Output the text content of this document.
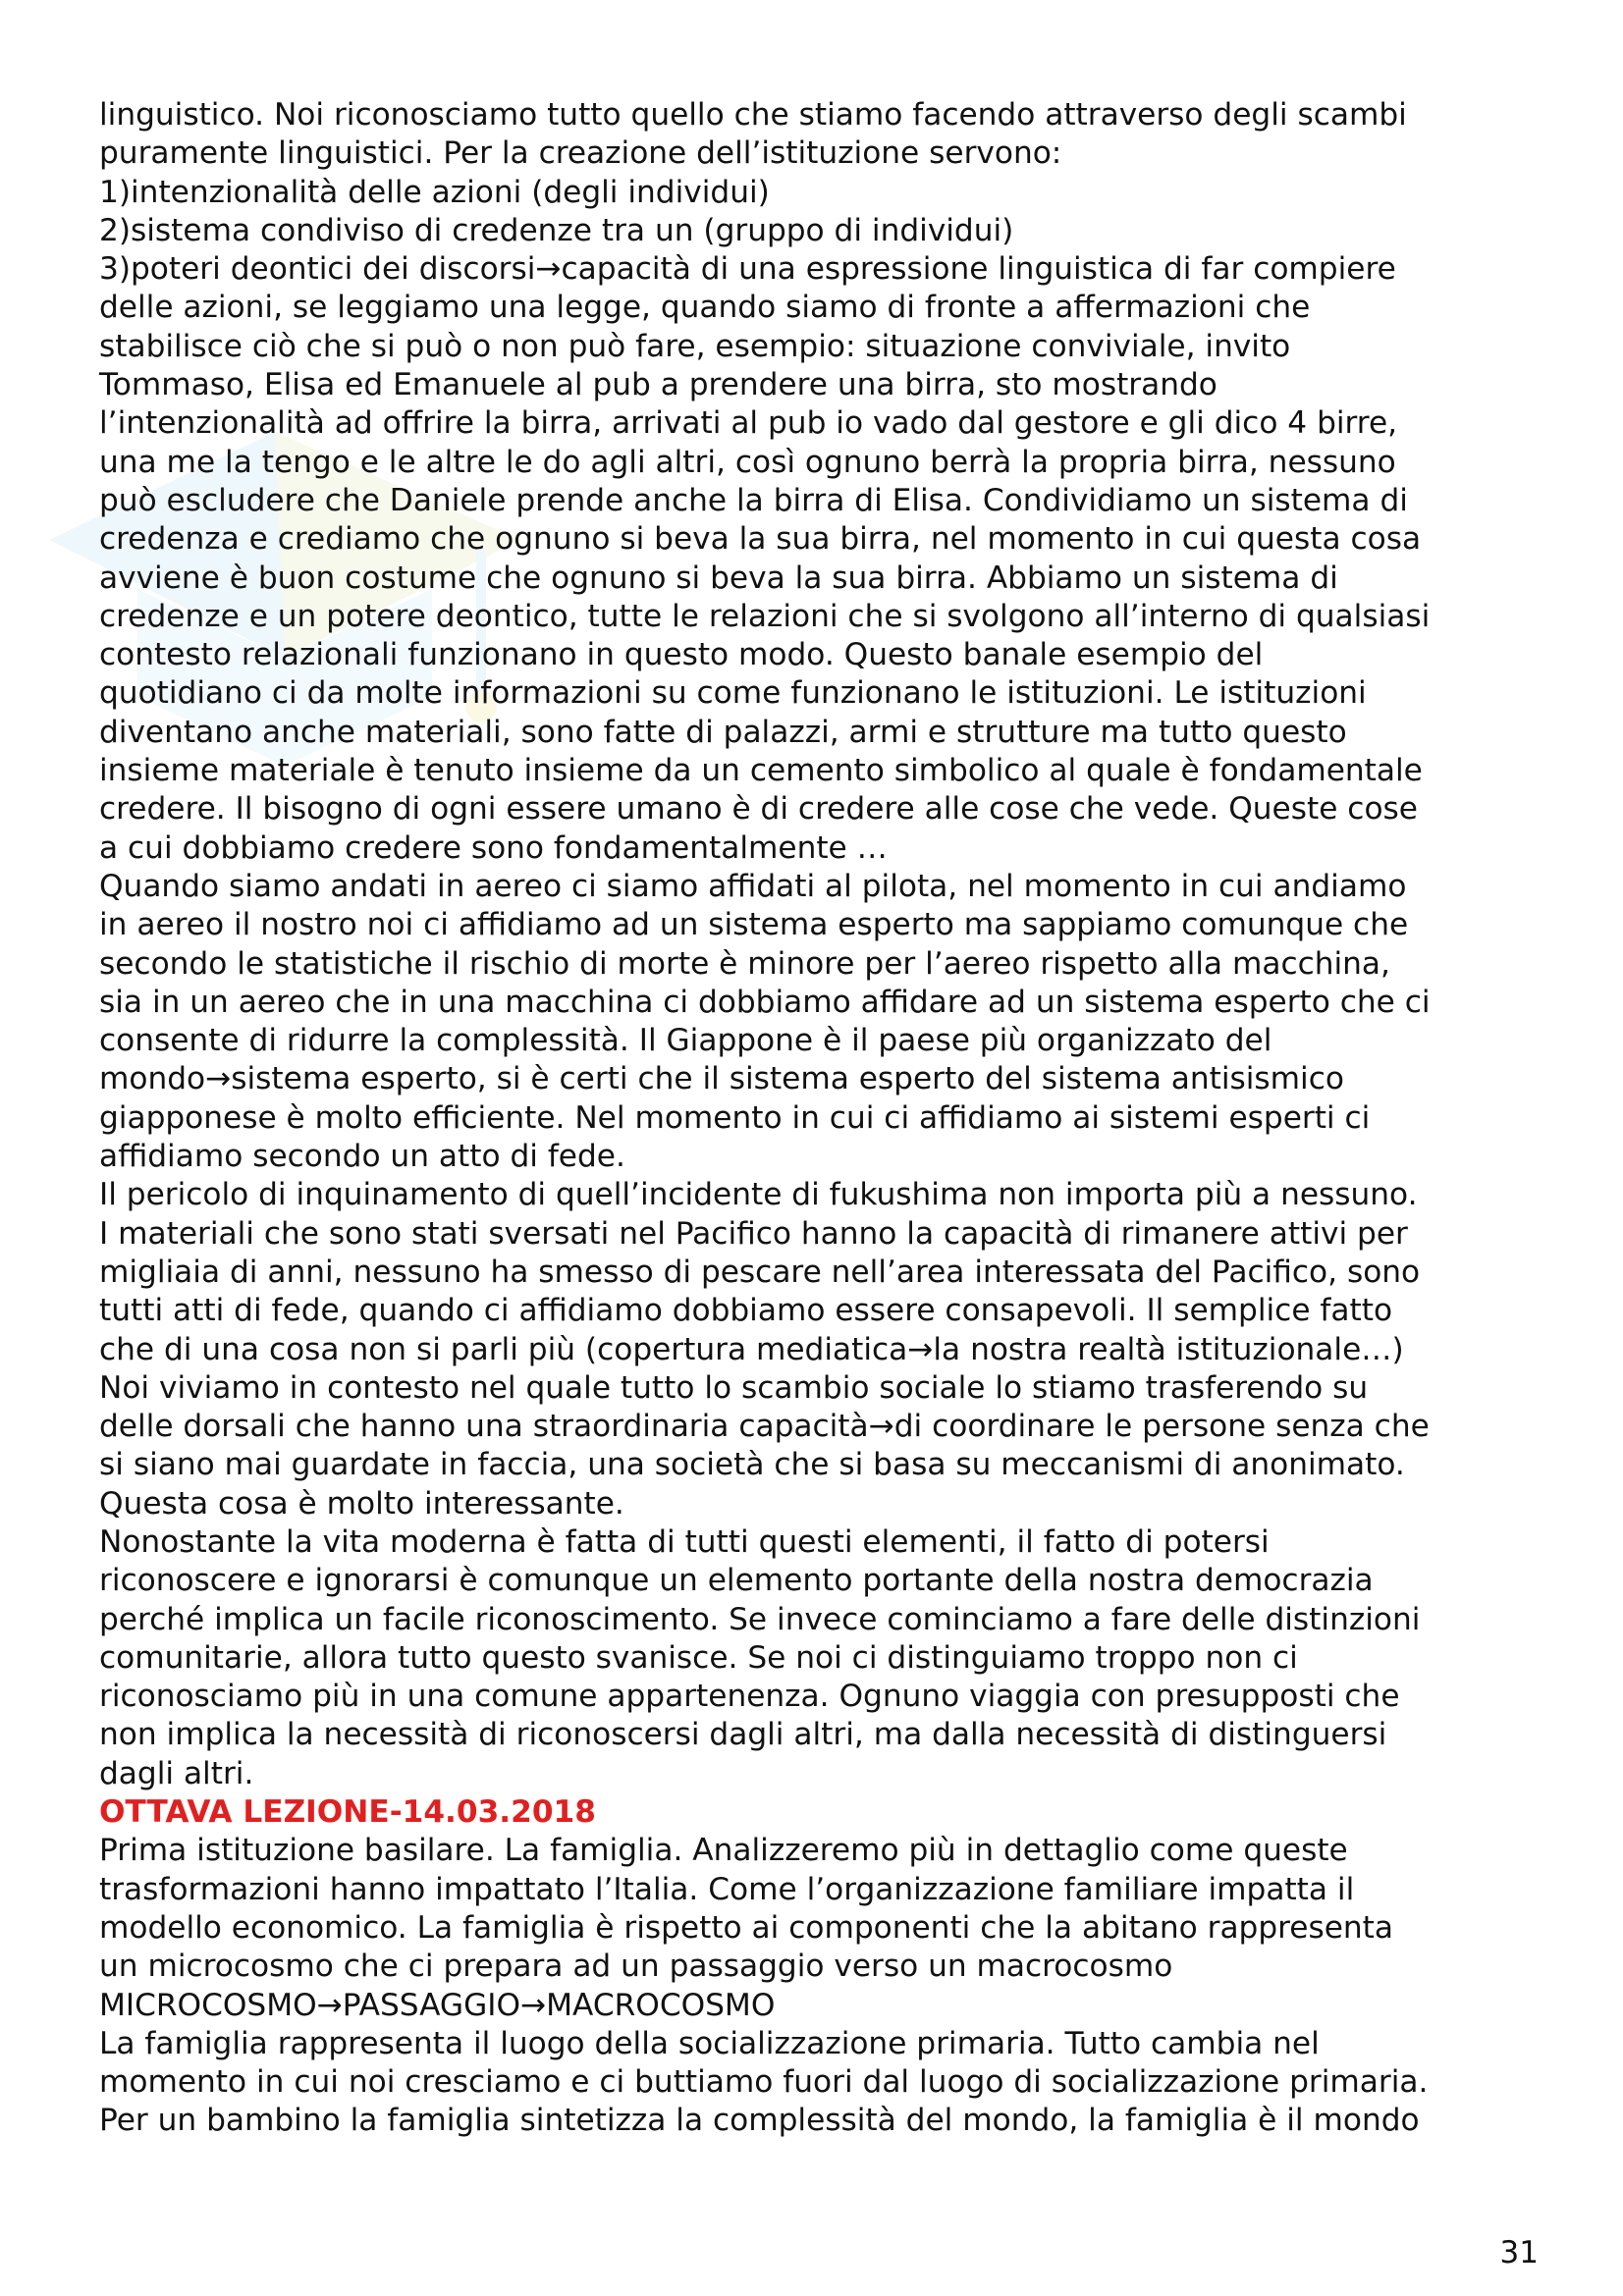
linguistico. Noi riconosciamo tutto quello che stiamo facendo attraverso degli scambi
puramente linguistici. Per la creazione dell’istituzione servono:
1)intenzionalità delle azioni (degli individui)
2)sistema condiviso di credenze tra un (gruppo di individui)
3)poteri deontici dei discorsi→capacità di una espressione linguistica di far compiere
delle azioni, se leggiamo una legge, quando siamo di fronte a affermazioni che
stabilisce ciò che si può o non può fare, esempio: situazione conviviale, invito
Tommaso, Elisa ed Emanuele al pub a prendere una birra, sto mostrando
l’intenzionalità ad offrire la birra, arrivati al pub io vado dal gestore e gli dico 4 birre,
una me la tengo e le altre le do agli altri, così ognuno berrà la propria birra, nessuno
può escludere che Daniele prende anche la birra di Elisa. Condividiamo un sistema di
credenza e crediamo che ognuno si beva la sua birra, nel momento in cui questa cosa
avviene è buon costume che ognuno si beva la sua birra. Abbiamo un sistema di
credenze e un potere deontico, tutte le relazioni che si svolgono all’interno di qualsiasi
contesto relazionali funzionano in questo modo. Questo banale esempio del
quotidiano ci da molte informazioni su come funzionano le istituzioni. Le istituzioni
diventano anche materiali, sono fatte di palazzi, armi e strutture ma tutto questo
insieme materiale è tenuto insieme da un cemento simbolico al quale è fondamentale
credere. Il bisogno di ogni essere umano è di credere alle cose che vede. Queste cose
a cui dobbiamo credere sono fondamentalmente …

Quando siamo andati in aereo ci siamo affidati al pilota, nel momento in cui andiamo
in aereo il nostro noi ci affidiamo ad un sistema esperto ma sappiamo comunque che
secondo le statistiche il rischio di morte è minore per l’aereo rispetto alla macchina,
sia in un aereo che in una macchina ci dobbiamo affidare ad un sistema esperto che ci
consente di ridurre la complessità. Il Giappone è il paese più organizzato del
mondo→sistema esperto, si è certi che il sistema esperto del sistema antisismico
giapponese è molto efficiente. Nel momento in cui ci affidiamo ai sistemi esperti ci
affidiamo secondo un atto di fede.

Il pericolo di inquinamento di quell’incidente di fukushima non importa più a nessuno.
I materiali che sono stati sversati nel Pacifico hanno la capacità di rimanere attivi per
migliaia di anni, nessuno ha smesso di pescare nell’area interessata del Pacifico, sono
tutti atti di fede, quando ci affidiamo dobbiamo essere consapevoli. Il semplice fatto
che di una cosa non si parli più (copertura mediatica→la nostra realtà istituzionale…)

Noi viviamo in contesto nel quale tutto lo scambio sociale lo stiamo trasferendo su
delle dorsali che hanno una straordinaria capacità→di coordinare le persone senza che
si siano mai guardate in faccia, una società che si basa su meccanismi di anonimato.
Questa cosa è molto interessante.

Nonostante la vita moderna è fatta di tutti questi elementi, il fatto di potersi
riconoscere e ignorarsi è comunque un elemento portante della nostra democrazia
perché implica un facile riconoscimento. Se invece cominciamo a fare delle distinzioni
comunitarie, allora tutto questo svanisce. Se noi ci distinguiamo troppo non ci
riconosciamo più in una comune appartenenza. Ognuno viaggia con presupposti che
non implica la necessità di riconoscersi dagli altri, ma dalla necessità di distinguersi
dagli altri.

OTTAVA LEZIONE-14.03.2018

Prima istituzione basilare. La famiglia. Analizzeremo più in dettaglio come queste
trasformazioni hanno impattato l’Italia. Come l’organizzazione familiare impatta il
modello economico. La famiglia è rispetto ai componenti che la abitano rappresenta
un microcosmo che ci prepara ad un passaggio verso un macrocosmo
MICROCOSMO→PASSAGGIO→MACROCOSMO

La famiglia rappresenta il luogo della socializzazione primaria. Tutto cambia nel
momento in cui noi cresciamo e ci buttiamo fuori dal luogo di socializzazione primaria.
Per un bambino la famiglia sintetizza la complessità del mondo, la famiglia è il mondo

31
